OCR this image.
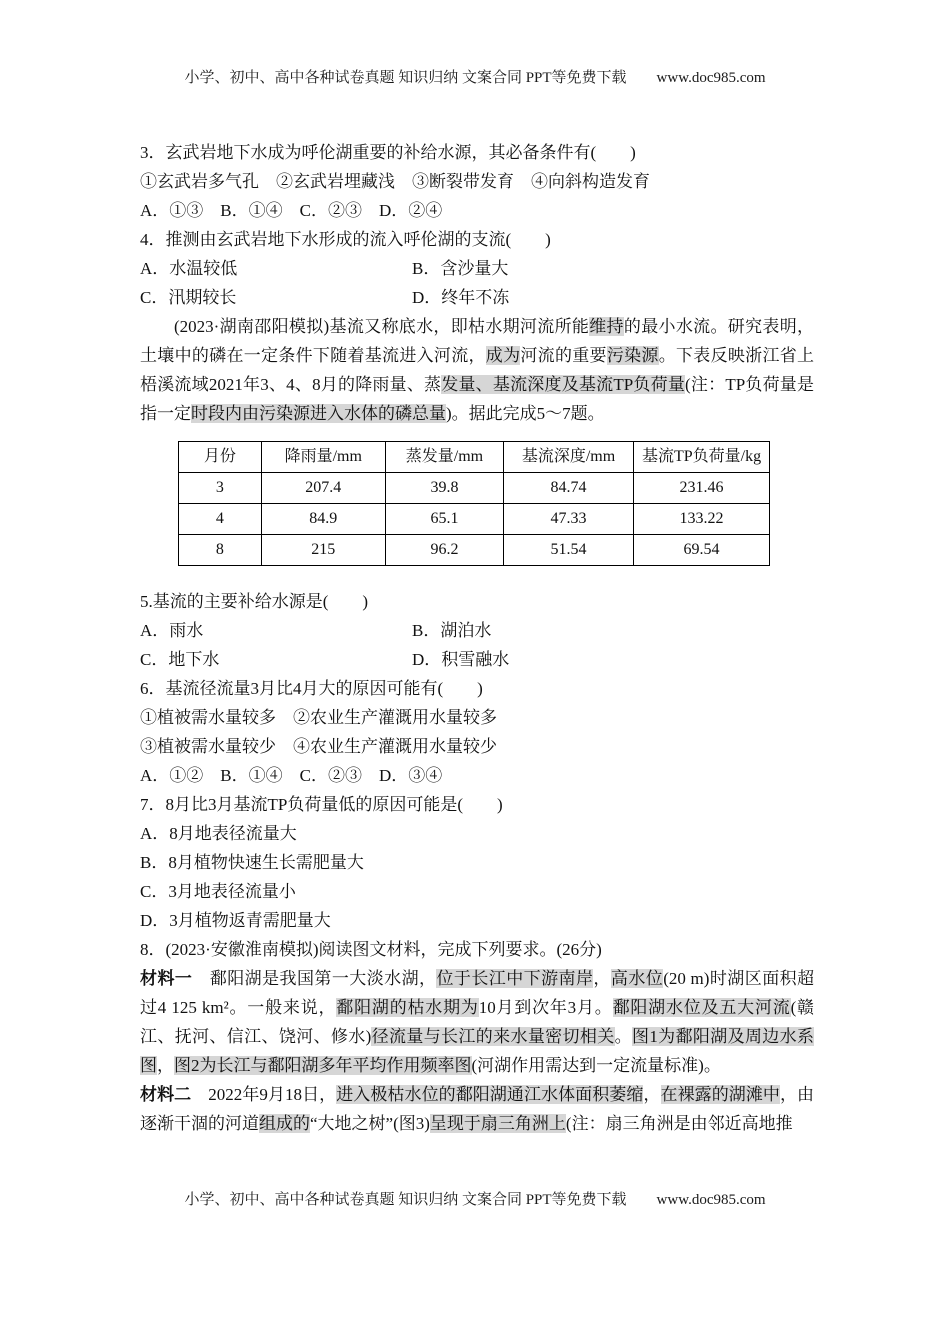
小学、初中、高中各种试卷真题 知识归纳 文案合同 PPT等免费下载 www.doc985.com
3．玄武岩地下水成为呼伦湖重要的补给水源，其必备条件有(　　)
①玄武岩多气孔　②玄武岩埋藏浅　③断裂带发育　④向斜构造发育
A．①③　B．①④　C．②③　D．②④
4．推测由玄武岩地下水形成的流入呼伦湖的支流(　　)
A．水温较低	B．含沙量大
C．汛期较长	D．终年不冻

(2023·湖南邵阳模拟)基流又称底水，即枯水期河流所能维持的最小水流。研究表明，土壤中的磷在一定条件下随着基流进入河流，成为河流的重要污染源。下表反映浙江省上梧溪流域2021年3、4、8月的降雨量、蒸发量、基流深度及基流TP负荷量(注：TP负荷量是指一定时段内由污染源进入水体的磷总量)。据此完成5～7题。

月份	降雨量/mm	蒸发量/mm	基流深度/mm	基流TP负荷量/kg
3	207.4	39.8	84.74	231.46
4	84.9	65.1	47.33	133.22
8	215	96.2	51.54	69.54
5.基流的主要补给水源是(　　)
A．雨水	B．湖泊水
C．地下水	D．积雪融水
6．基流径流量3月比4月大的原因可能有(　　)
①植被需水量较多　②农业生产灌溉用水量较多
③植被需水量较少　④农业生产灌溉用水量较少
A．①②　B．①④　C．②③　D．③④
7．8月比3月基流TP负荷量低的原因可能是(　　)
A．8月地表径流量大
B．8月植物快速生长需肥量大
C．3月地表径流量小
D．3月植物返青需肥量大
8．(2023·安徽淮南模拟)阅读图文材料，完成下列要求。(26分)

材料一　鄱阳湖是我国第一大淡水湖，位于长江中下游南岸，高水位(20 m)时湖区面积超过4 125 km²。一般来说，鄱阳湖的枯水期为10月到次年3月。鄱阳湖水位及五大河流(赣江、抚河、信江、饶河、修水)径流量与长江的来水量密切相关。图1为鄱阳湖及周边水系图，图2为长江与鄱阳湖多年平均作用频率图(河湖作用需达到一定流量标准)。

材料二　2022年9月18日，进入极枯水位的鄱阳湖通江水体面积萎缩，在裸露的湖滩中，由逐渐干涸的河道组成的“大地之树”(图3)呈现于扇三角洲上(注：扇三角洲是由邻近高地推

小学、初中、高中各种试卷真题 知识归纳 文案合同 PPT等免费下载 www.doc985.com
